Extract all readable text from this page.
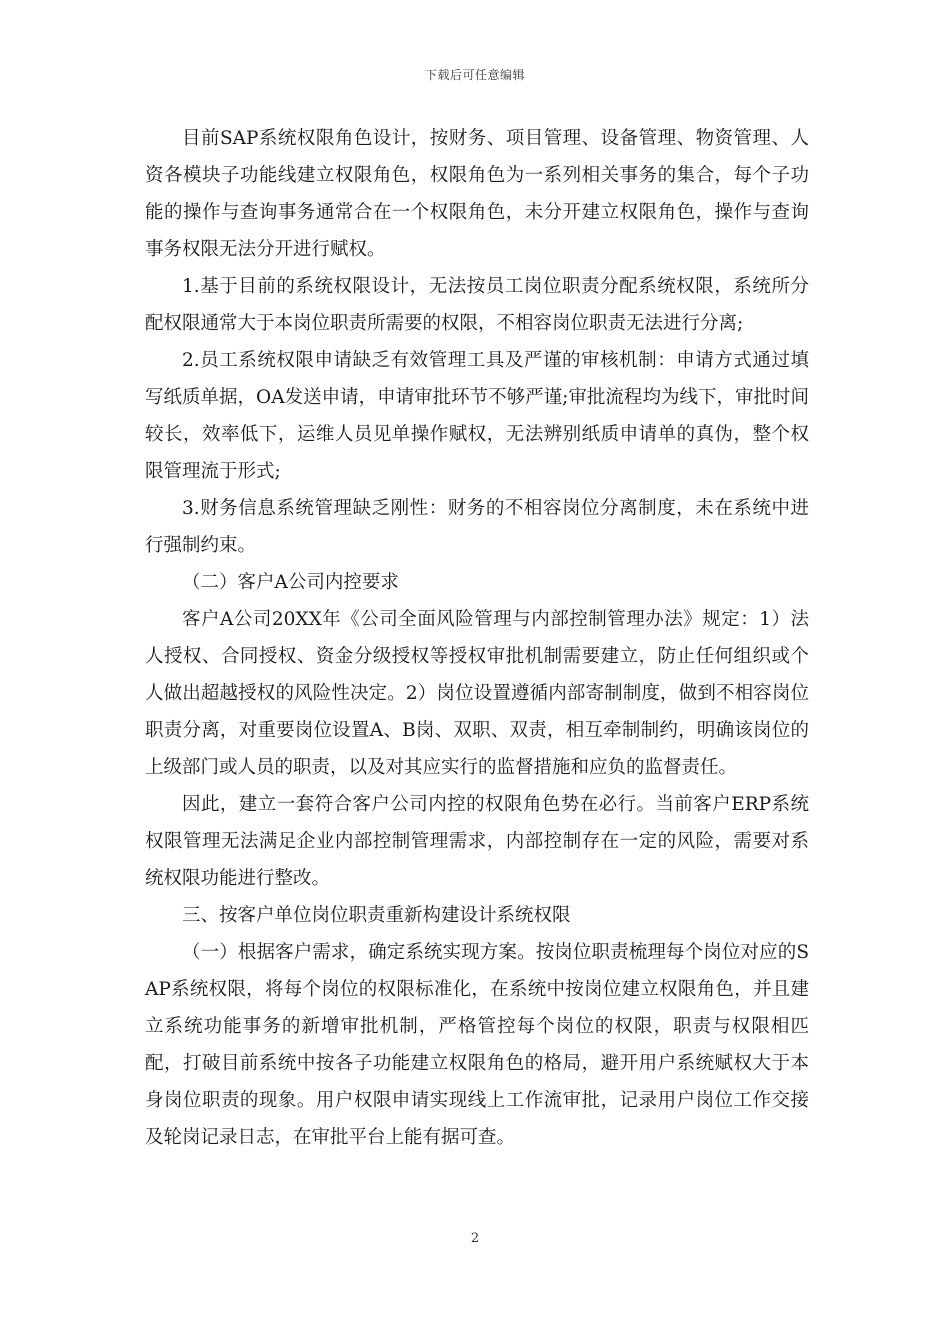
下载后可任意编辑

目前SAP系统权限角色设计，按财务、项目管理、设备管理、物资管理、人资各模块子功能线建立权限角色，权限角色为一系列相关事务的集合，每个子功能的操作与查询事务通常合在一个权限角色，未分开建立权限角色，操作与查询事务权限无法分开进行赋权。

1.基于目前的系统权限设计，无法按员工岗位职责分配系统权限，系统所分配权限通常大于本岗位职责所需要的权限，不相容岗位职责无法进行分离;

2.员工系统权限申请缺乏有效管理工具及严谨的审核机制：申请方式通过填写纸质单据，OA发送申请，申请审批环节不够严谨;审批流程均为线下，审批时间较长，效率低下，运维人员见单操作赋权，无法辨别纸质申请单的真伪，整个权限管理流于形式;

3.财务信息系统管理缺乏刚性：财务的不相容岗位分离制度，未在系统中进行强制约束。

（二）客户A公司内控要求

客户A公司20XX年《公司全面风险管理与内部控制管理办法》规定：1）法人授权、合同授权、资金分级授权等授权审批机制需要建立，防止任何组织或个人做出超越授权的风险性决定。2）岗位设置遵循内部寄制制度，做到不相容岗位职责分离，对重要岗位设置A、B岗、双职、双责，相互牵制制约，明确该岗位的上级部门或人员的职责，以及对其应实行的监督措施和应负的监督责任。

因此，建立一套符合客户公司内控的权限角色势在必行。当前客户ERP系统权限管理无法满足企业内部控制管理需求，内部控制存在一定的风险，需要对系统权限功能进行整改。

三、按客户单位岗位职责重新构建设计系统权限

（一）根据客户需求，确定系统实现方案。按岗位职责梳理每个岗位对应的SAP系统权限，将每个岗位的权限标准化，在系统中按岗位建立权限角色，并且建立系统功能事务的新增审批机制，严格管控每个岗位的权限，职责与权限相匹配，打破目前系统中按各子功能建立权限角色的格局，避开用户系统赋权大于本身岗位职责的现象。用户权限申请实现线上工作流审批，记录用户岗位工作交接及轮岗记录日志，在审批平台上能有据可查。

2
